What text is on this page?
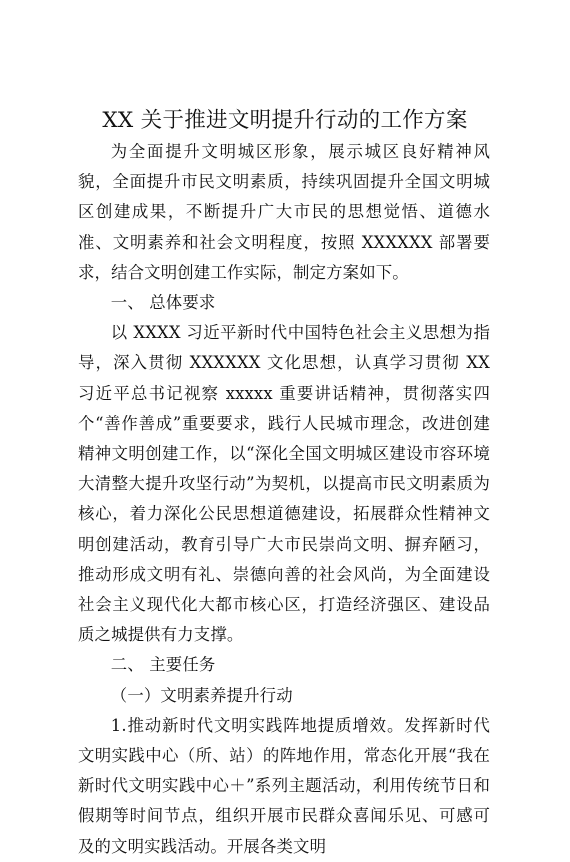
XX 关于推进文明提升行动的工作方案

为全面提升文明城区形象，展示城区良好精神风貌，全面提升市民文明素质，持续巩固提升全国文明城区创建成果，不断提升广大市民的思想觉悟、道德水准、文明素养和社会文明程度，按照 XXXXXX 部署要求，结合文明创建工作实际，制定方案如下。

一、 总体要求

以 XXXX 习近平新时代中国特色社会主义思想为指导，深入贯彻 XXXXXX 文化思想，认真学习贯彻 XX 习近平总书记视察 xxxxx 重要讲话精神，贯彻落实四个“善作善成”重要要求，践行人民城市理念，改进创建精神文明创建工作，以“深化全国文明城区建设市容环境大清整大提升攻坚行动”为契机，以提高市民文明素质为核心，着力深化公民思想道德建设，拓展群众性精神文明创建活动，教育引导广大市民崇尚文明、摒弃陋习，推动形成文明有礼、崇德向善的社会风尚，为全面建设社会主义现代化大都市核心区，打造经济强区、建设品质之城提供有力支撑。

二、 主要任务

（一）文明素养提升行动

1.推动新时代文明实践阵地提质增效。发挥新时代文明实践中心（所、站）的阵地作用，常态化开展“我在新时代文明实践中心＋”系列主题活动，利用传统节日和假期等时间节点，组织开展市民群众喜闻乐见、可感可及的文明实践活动。开展各类文明
